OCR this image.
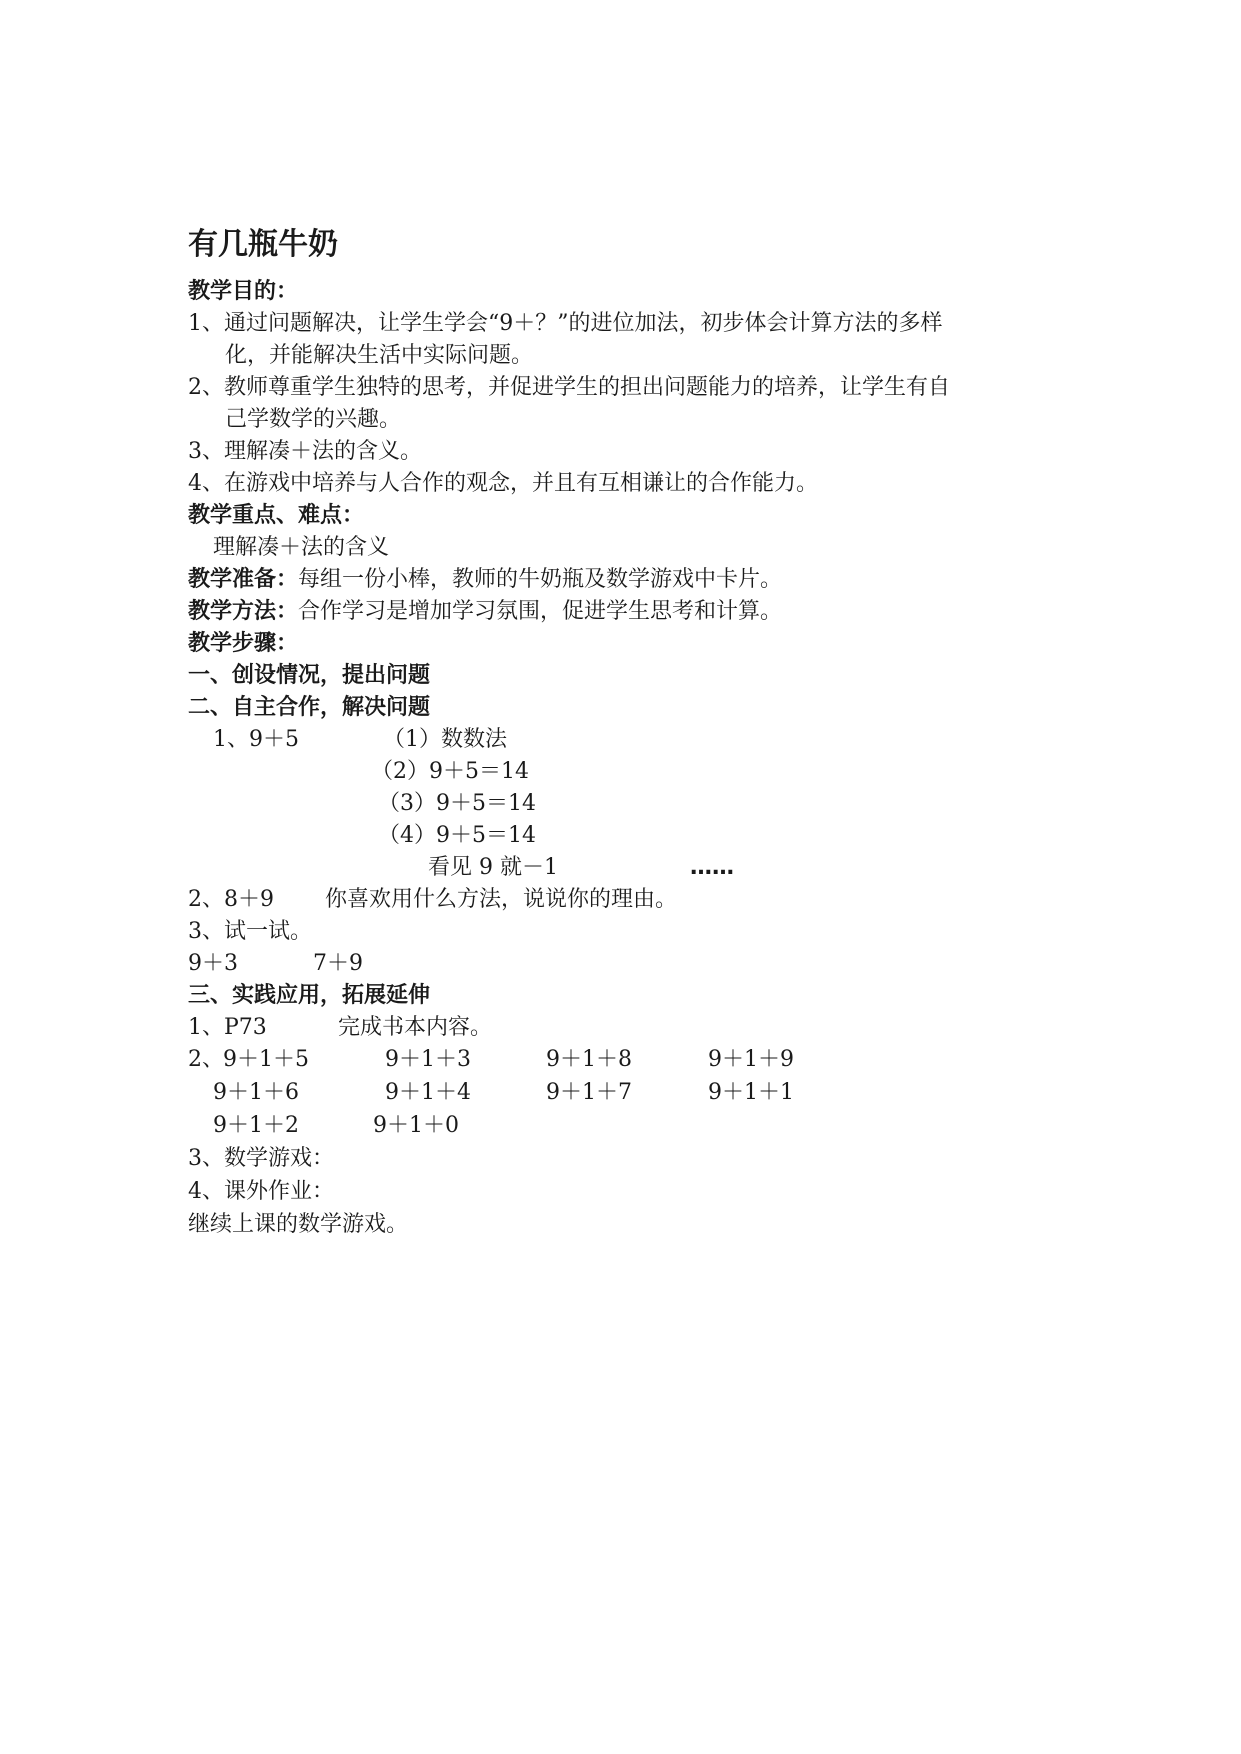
有几瓶牛奶
教学目的：
1、通过问题解决，让学生学会“9＋？”的进位加法，初步体会计算方法的多样
化，并能解决生活中实际问题。
2、教师尊重学生独特的思考，并促进学生的担出问题能力的培养，让学生有自
己学数学的兴趣。
3、理解凑＋法的含义。
4、在游戏中培养与人合作的观念，并且有互相谦让的合作能力。
教学重点、难点：
理解凑＋法的含义
教学准备：每组一份小棒，教师的牛奶瓶及数学游戏中卡片。
教学方法：合作学习是增加学习氛围，促进学生思考和计算。
教学步骤：
一、创设情况，提出问题
二、自主合作，解决问题
1、9＋5	（1）数数法
（2）9＋5＝14
（3）9＋5＝14
（4）9＋5＝14
看见 9 就－1	……
2、8＋9 你喜欢用什么方法，说说你的理由。
3、试一试。
9＋3	7＋9
三、实践应用，拓展延伸
1、P73	完成书本内容。
2、 9＋1＋5	9＋1＋3	9＋1＋8	9＋1＋9
9＋1＋6	9＋1＋4	9＋1＋7	9＋1＋1
9＋1＋2	9＋1＋0
3、数学游戏：
4、课外作业：
继续上课的数学游戏。
